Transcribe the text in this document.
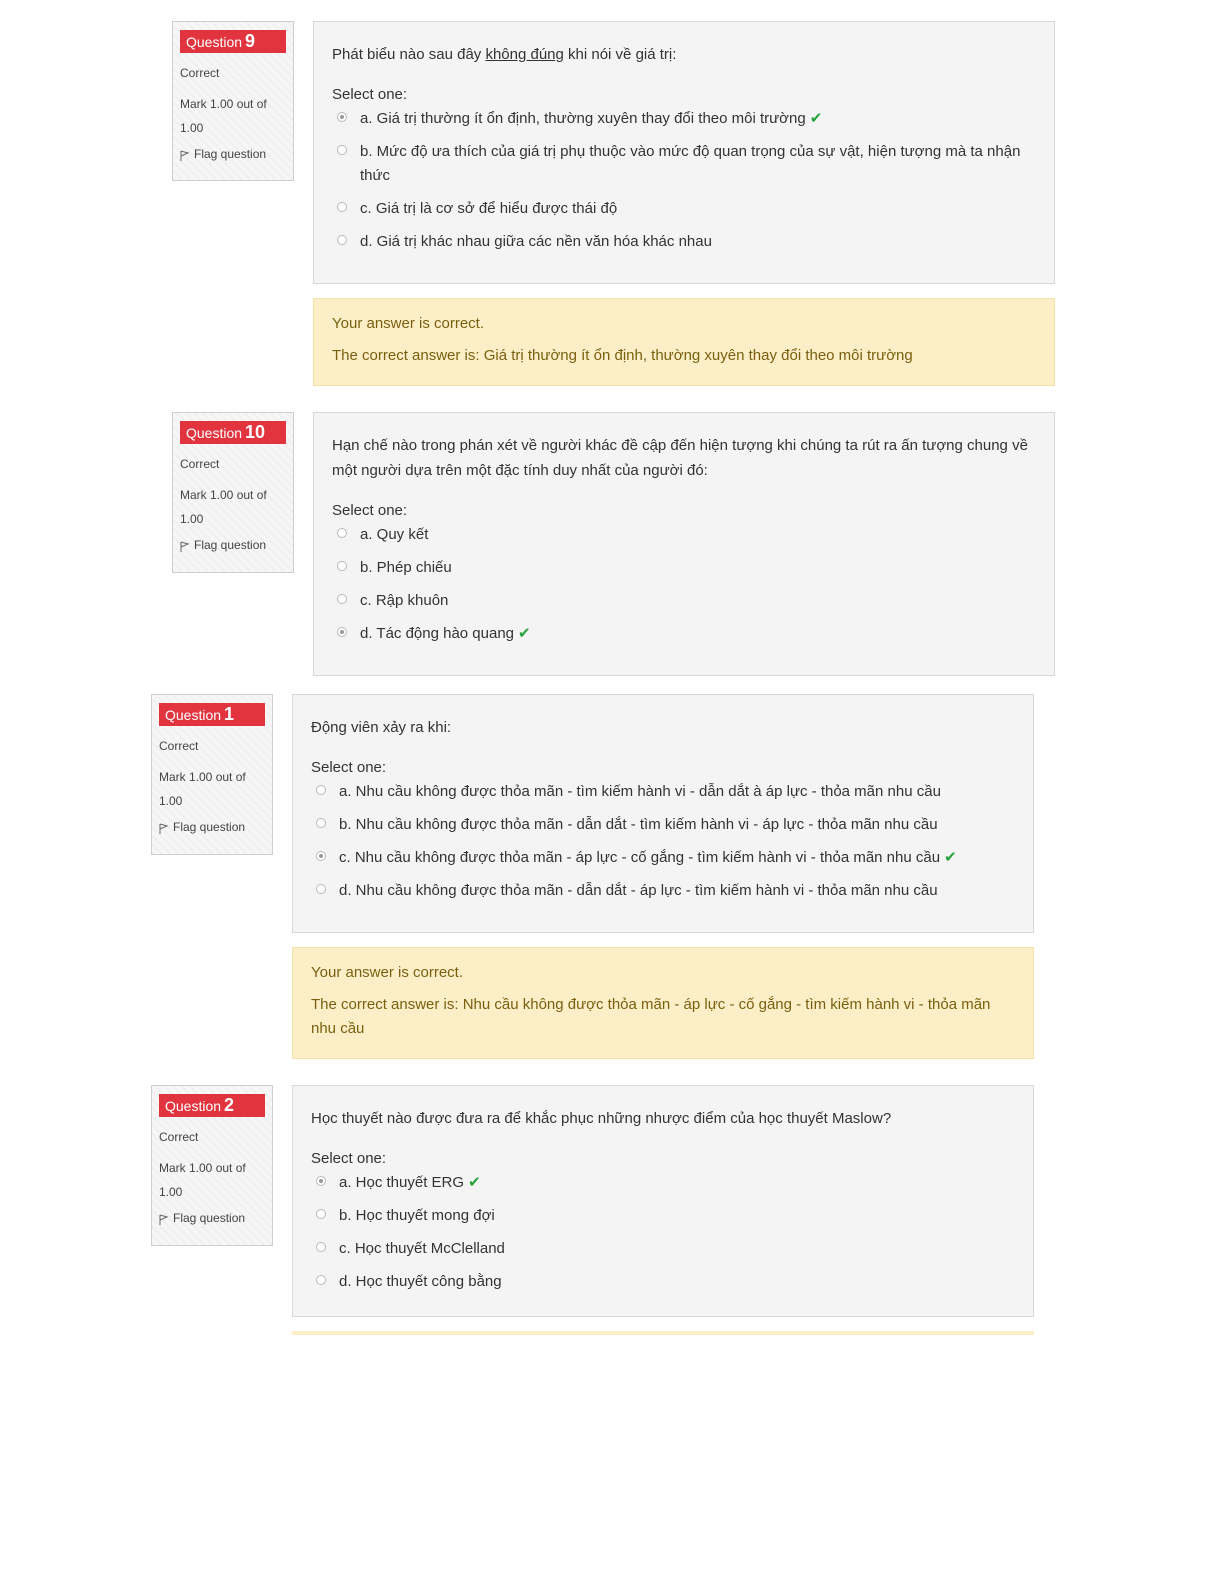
Question 9
Correct
Mark 1.00 out of 1.00
Flag question
Phát biểu nào sau đây không đúng khi nói về giá trị:
Select one:
a. Giá trị thường ít ổn định, thường xuyên thay đổi theo môi trường ✔
b. Mức độ ưa thích của giá trị phụ thuộc vào mức độ quan trọng của sự vật, hiện tượng mà ta nhận thức
c. Giá trị là cơ sở để hiểu được thái độ
d. Giá trị khác nhau giữa các nền văn hóa khác nhau
Your answer is correct.
The correct answer is: Giá trị thường ít ổn định, thường xuyên thay đổi theo môi trường
Question 10
Correct
Mark 1.00 out of 1.00
Flag question
Hạn chế nào trong phán xét về người khác đề cập đến hiện tượng khi chúng ta rút ra ấn tượng chung về một người dựa trên một đặc tính duy nhất của người đó:
Select one:
a. Quy kết
b. Phép chiếu
c. Rập khuôn
d. Tác động hào quang ✔
Question 1
Correct
Mark 1.00 out of 1.00
Flag question
Động viên xảy ra khi:
Select one:
a. Nhu cầu không được thỏa mãn - tìm kiếm hành vi - dẫn dắt à áp lực - thỏa mãn nhu cầu
b. Nhu cầu không được thỏa mãn - dẫn dắt - tìm kiếm hành vi - áp lực - thỏa mãn nhu cầu
c. Nhu cầu không được thỏa mãn - áp lực - cố gắng - tìm kiếm hành vi - thỏa mãn nhu cầu ✔
d. Nhu cầu không được thỏa mãn - dẫn dắt - áp lực - tìm kiếm hành vi - thỏa mãn nhu cầu
Your answer is correct.
The correct answer is: Nhu cầu không được thỏa mãn - áp lực - cố gắng - tìm kiếm hành vi - thỏa mãn nhu cầu
Question 2
Correct
Mark 1.00 out of 1.00
Flag question
Học thuyết nào được đưa ra để khắc phục những nhược điểm của học thuyết Maslow?
Select one:
a. Học thuyết ERG ✔
b. Học thuyết mong đợi
c. Học thuyết McClelland
d. Học thuyết công bằng
